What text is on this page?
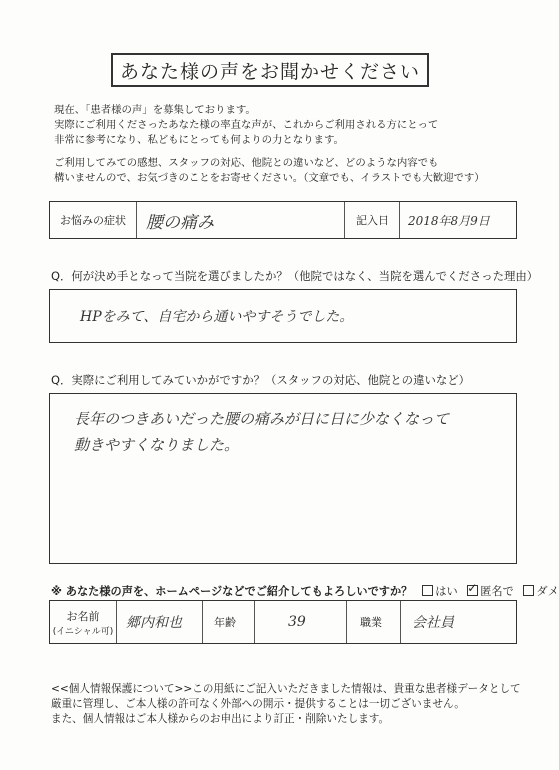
あなた様の声をお聞かせください
現在、「患者様の声」を募集しております。
実際にご利用くださったあなた様の率直な声が、これからご利用される方にとって
非常に参考になり、私どもにとっても何よりの力となります。
ご利用してみての感想、スタッフの対応、他院との違いなど、どのような内容でも
構いませんので、お気づきのことをお寄せください。（文章でも、イラストでも大歓迎です）
お悩みの症状	腰の痛み	記入日 2018年8月9日
Q．何が決め手となって当院を選びましたか？（他院ではなく、当院を選んでくださった理由）
HPをみて、自宅から通いやすそうでした。
Q．実際にご利用してみていかがですか？（スタッフの対応、他院との違いなど）
長年のつきあいだった腰の痛みが日に日に少なくなって
動きやすくなりました。
※ あなた様の声を、ホームページなどでご紹介してもよろしいですか？ はい ✓ 匿名で ダメ
お名前
(イニシャル可)
郷内和也	年齢	39	職業 会社員
<<個人情報保護について>>この用紙にご記入いただきました情報は、貴重な患者様データとして
厳重に管理し、ご本人様の許可なく外部への開示・提供することは一切ございません。
また、個人情報はご本人様からのお申出により訂正・削除いたします。
